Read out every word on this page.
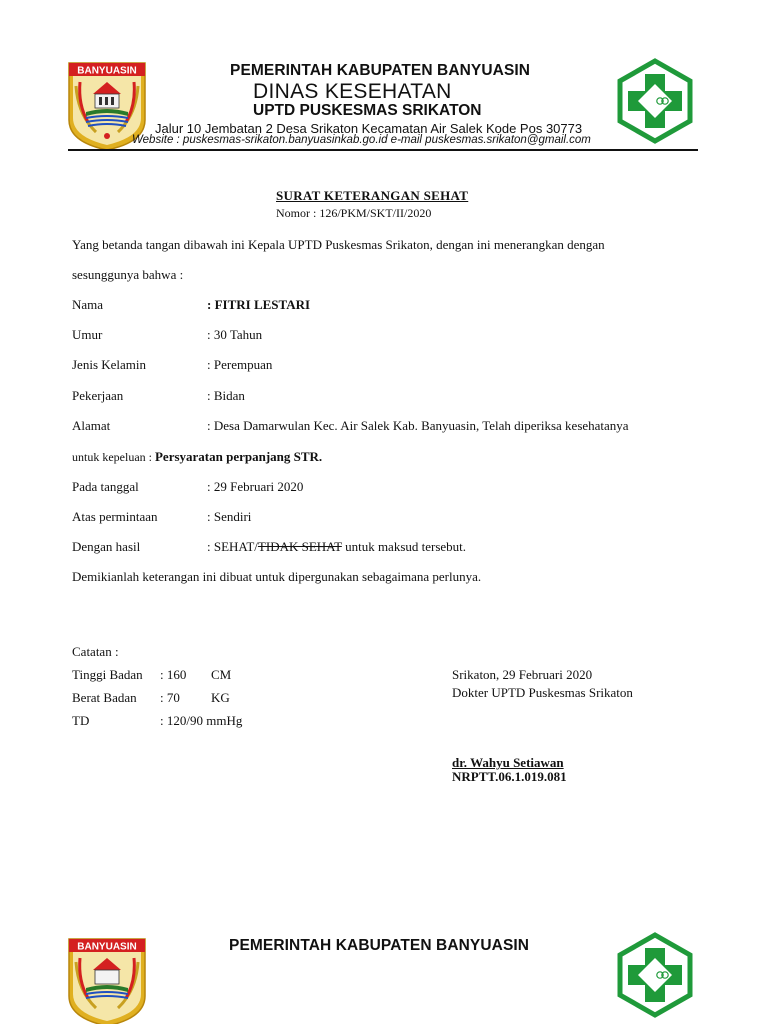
BANYUASIN	PEMERINTAH KABUPATEN BANYUASIN
DINAS KESEHATAN
UPTD PUSKESMAS SRIKATON
Jalur 10 Jembatan 2 Desa Srikaton Kecamatan Air Salek Kode Pos 30773
Website : puskesmas-srikaton.banyuasinkab.go.id e-mail puskesmas.srikaton@gmail.com
SURAT KETERANGAN SEHAT
Nomor : 126/PKM/SKT/II/2020
Yang betanda tangan dibawah ini Kepala UPTD Puskesmas Srikaton, dengan ini menerangkan dengan
sesunggunya bahwa :
Nama	: FITRI LESTARI
Umur	: 30 Tahun
Jenis Kelamin	: Perempuan
Pekerjaan	: Bidan
Alamat	: Desa Damarwulan Kec. Air Salek Kab. Banyuasin, Telah diperiksa kesehatanya
untuk kepeluan : Persyaratan perpanjang STR.
Pada tanggal	: 29 Februari 2020
Atas permintaan	: Sendiri
Dengan hasil	: SEHAT/TIDAK SEHAT untuk maksud tersebut.
Demikianlah keterangan ini dibuat untuk dipergunakan sebagaimana perlunya.
Catatan :
Tinggi Badan : 160 CM
Berat Badan : 70 KG
TD	: 120/90 mmHg
Srikaton, 29 Februari 2020
Dokter UPTD Puskesmas Srikaton
dr. Wahyu Setiawan
NRPTT.06.1.019.081
BANYUASIN	PEMERINTAH KABUPATEN BANYUASIN
